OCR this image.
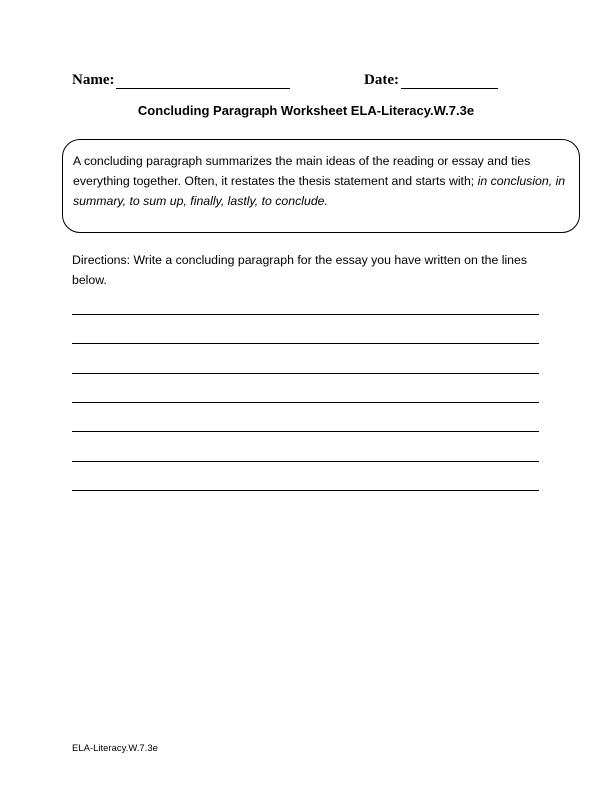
Name:	Date:
Concluding Paragraph Worksheet ELA-Literacy.W.7.3e
A concluding paragraph summarizes the main ideas of the reading or essay and ties everything together. Often, it restates the thesis statement and starts with; in conclusion, in summary, to sum up, finally, lastly, to conclude.
Directions: Write a concluding paragraph for the essay you have written on the lines below.
ELA-Literacy.W.7.3e
